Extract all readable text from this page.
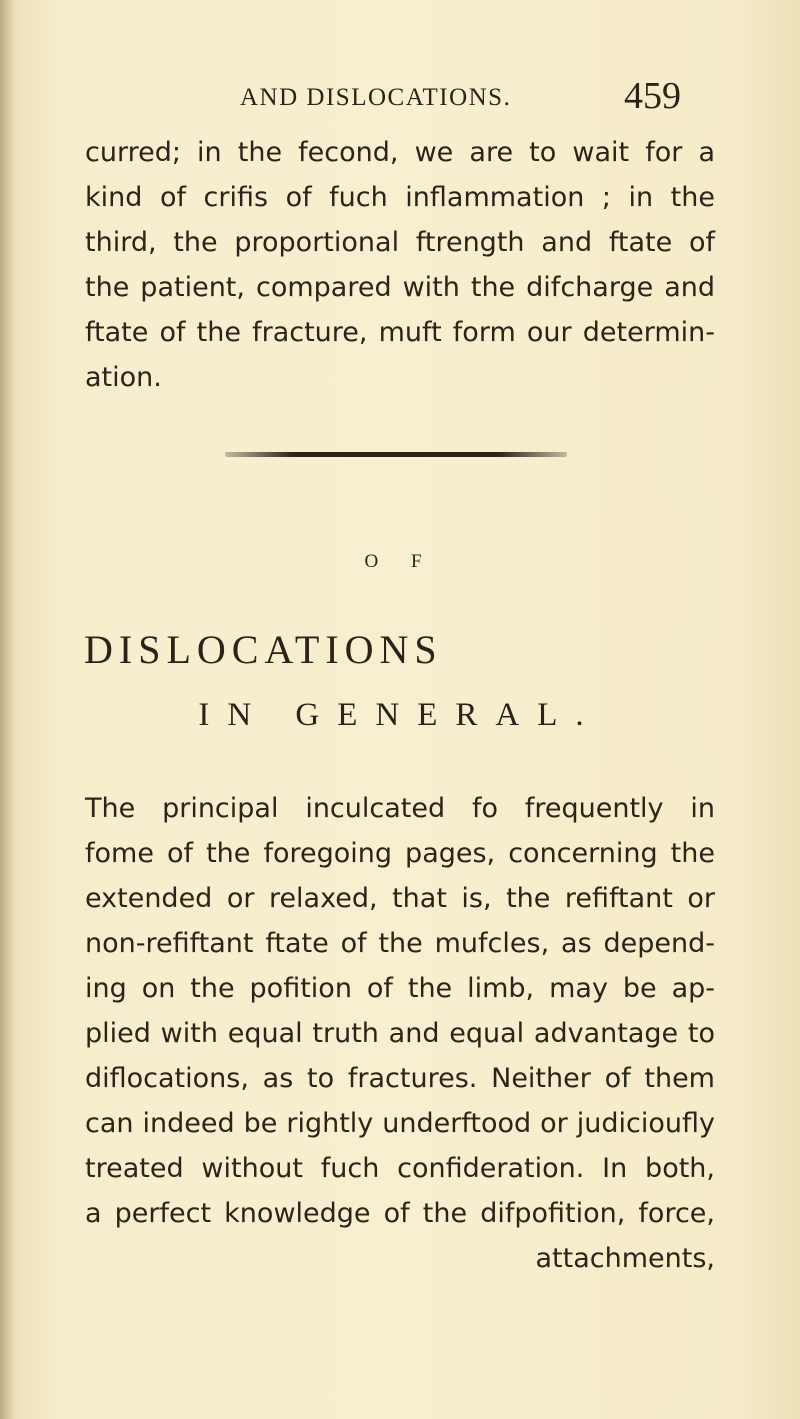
AND DISLOCATIONS.	459
curred; in the fecond, we are to wait for a
kind of crifis of fuch inflammation ; in the
third, the proportional ftrength and ftate of
the patient, compared with the difcharge and
ftate of the fracture, muft form our determin-
ation.
O F
DISLOCATIONS
IN GENERAL.
The principal inculcated fo frequently in
fome of the foregoing pages, concerning the
extended or relaxed, that is, the refiftant or
non-refiftant ftate of the mufcles, as depend-
ing on the pofition of the limb, may be ap-
plied with equal truth and equal advantage to
diflocations, as to fractures. Neither of them
can indeed be rightly underftood or judicioufly
treated without fuch confideration. In both,
a perfect knowledge of the difpofition, force,
attachments,
